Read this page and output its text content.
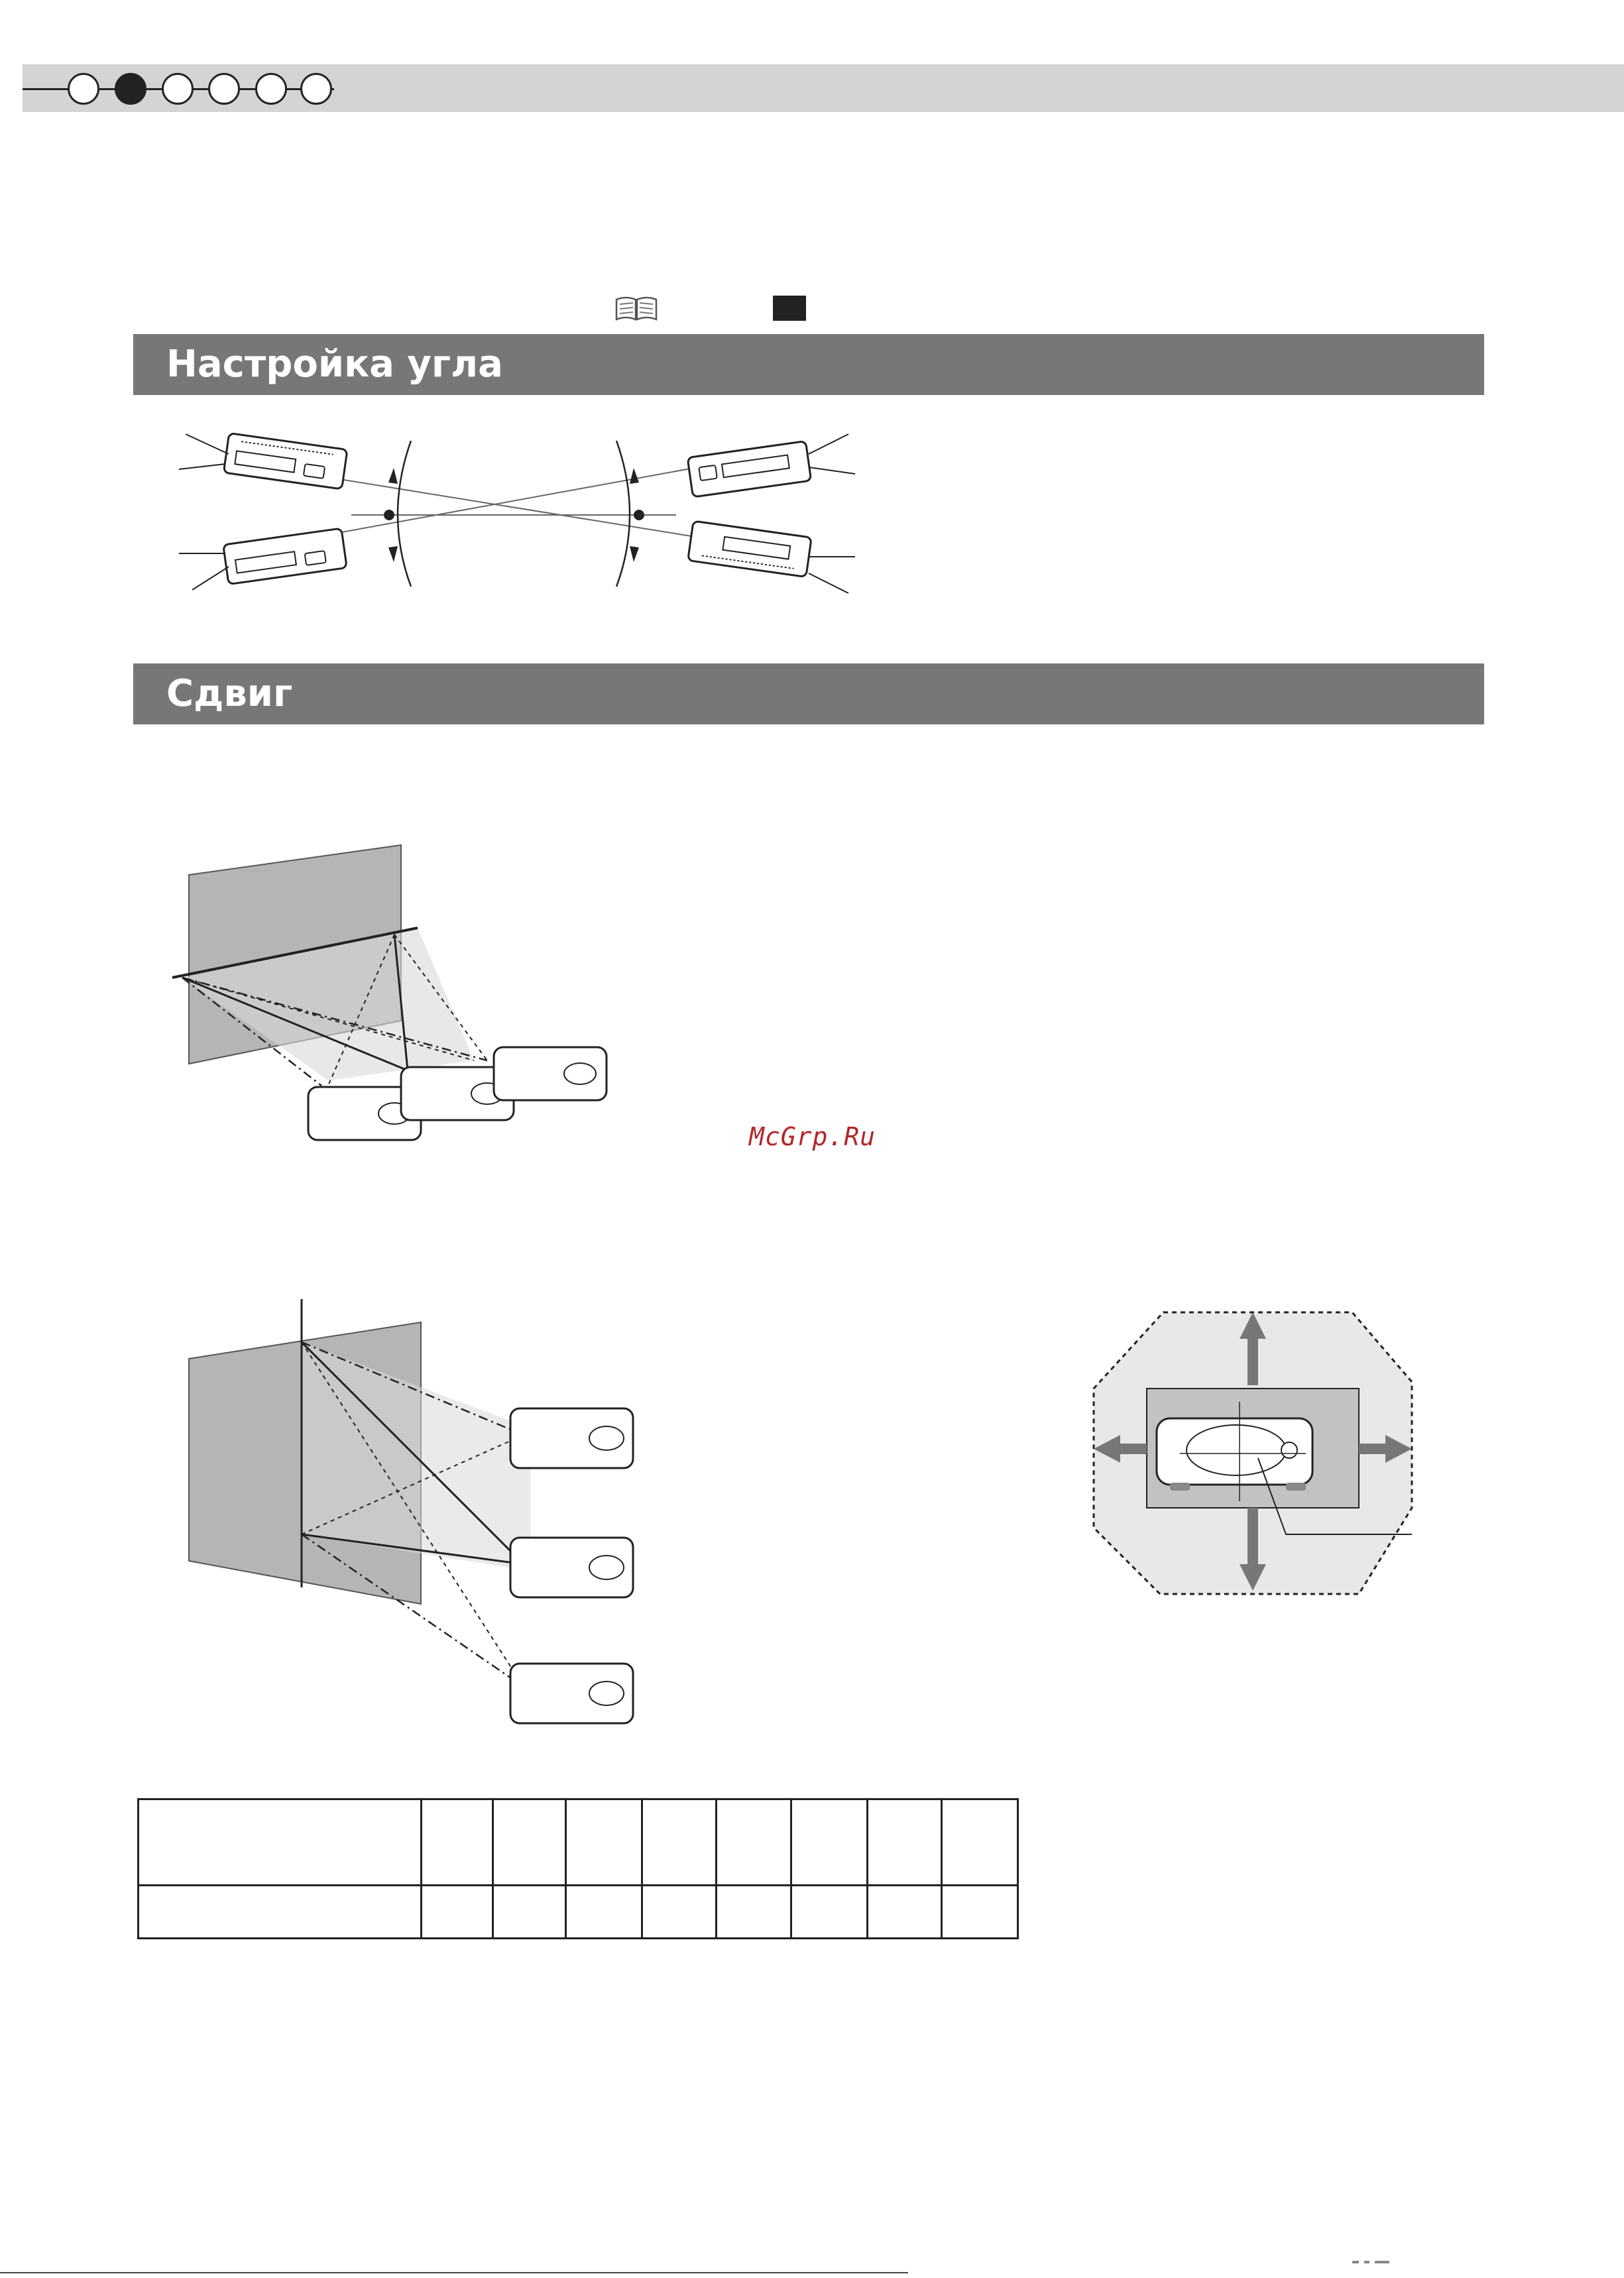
Настройка угла
Сдвиг
McGrp.Ru
